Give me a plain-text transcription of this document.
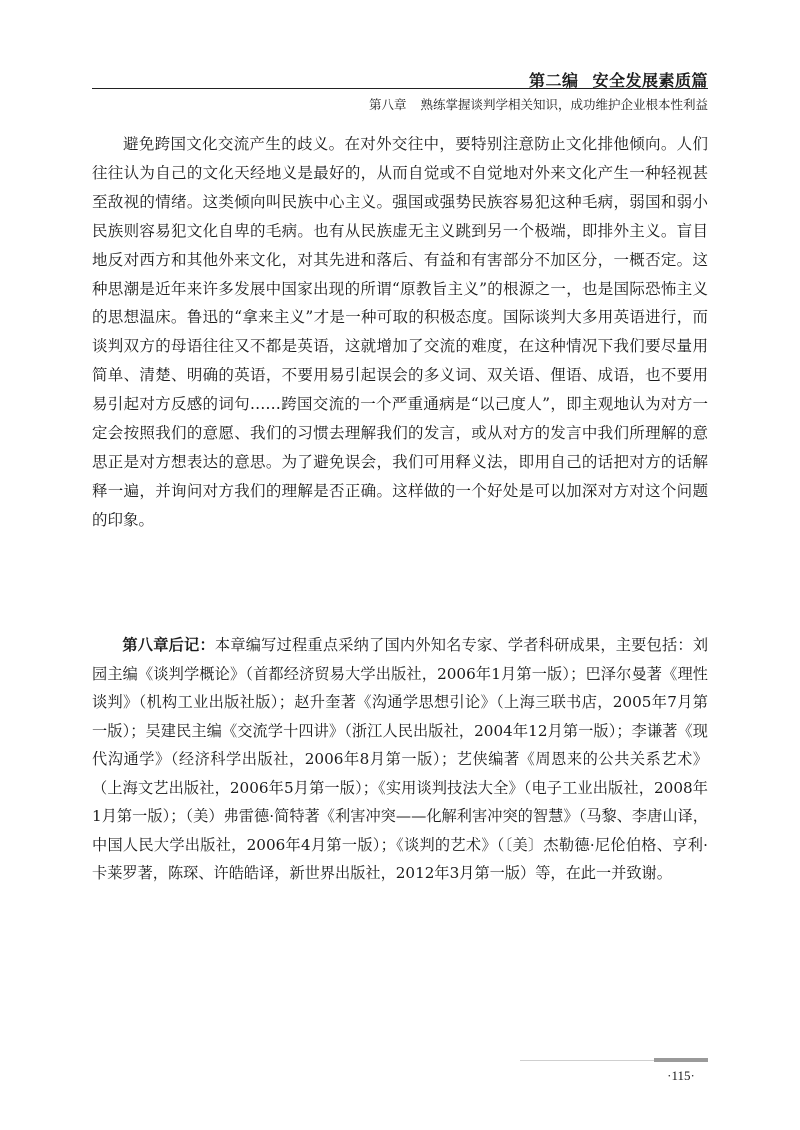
第二编 安全发展素质篇
第八章 熟练掌握谈判学相关知识，成功维护企业根本性利益

避免跨国文化交流产生的歧义。在对外交往中，要特别注意防止文化排他倾向。人们往往认为自己的文化天经地义是最好的，从而自觉或不自觉地对外来文化产生一种轻视甚至敌视的情绪。这类倾向叫民族中心主义。强国或强势民族容易犯这种毛病，弱国和弱小民族则容易犯文化自卑的毛病。也有从民族虚无主义跳到另一个极端，即排外主义。盲目地反对西方和其他外来文化，对其先进和落后、有益和有害部分不加区分，一概否定。这种思潮是近年来许多发展中国家出现的所谓“原教旨主义”的根源之一，也是国际恐怖主义的思想温床。鲁迅的“拿来主义”才是一种可取的积极态度。国际谈判大多用英语进行，而谈判双方的母语往往又不都是英语，这就增加了交流的难度，在这种情况下我们要尽量用简单、清楚、明确的英语，不要用易引起误会的多义词、双关语、俚语、成语，也不要用易引起对方反感的词句……跨国交流的一个严重通病是“以己度人”，即主观地认为对方一定会按照我们的意愿、我们的习惯去理解我们的发言，或从对方的发言中我们所理解的意思正是对方想表达的意思。为了避免误会，我们可用释义法，即用自己的话把对方的话解释一遍，并询问对方我们的理解是否正确。这样做的一个好处是可以加深对方对这个问题的印象。

第八章后记：本章编写过程重点采纳了国内外知名专家、学者科研成果，主要包括：刘园主编《谈判学概论》（首都经济贸易大学出版社，2006年1月第一版）；巴泽尔曼著《理性谈判》（机构工业出版社版）；赵升奎著《沟通学思想引论》（上海三联书店，2005年7月第一版）；吴建民主编《交流学十四讲》（浙江人民出版社，2004年12月第一版）；李谦著《现代沟通学》（经济科学出版社，2006年8月第一版）；艺侠编著《周恩来的公共关系艺术》（上海文艺出版社，2006年5月第一版）；《实用谈判技法大全》（电子工业出版社，2008年1月第一版）；（美）弗雷德·简特著《利害冲突——化解利害冲突的智慧》（马黎、李唐山译，中国人民大学出版社，2006年4月第一版）；《谈判的艺术》（〔美〕杰勒德·尼伦伯格、亨利·卡莱罗著，陈琛、许皓皓译，新世界出版社，2012年3月第一版）等，在此一并致谢。

·115·
